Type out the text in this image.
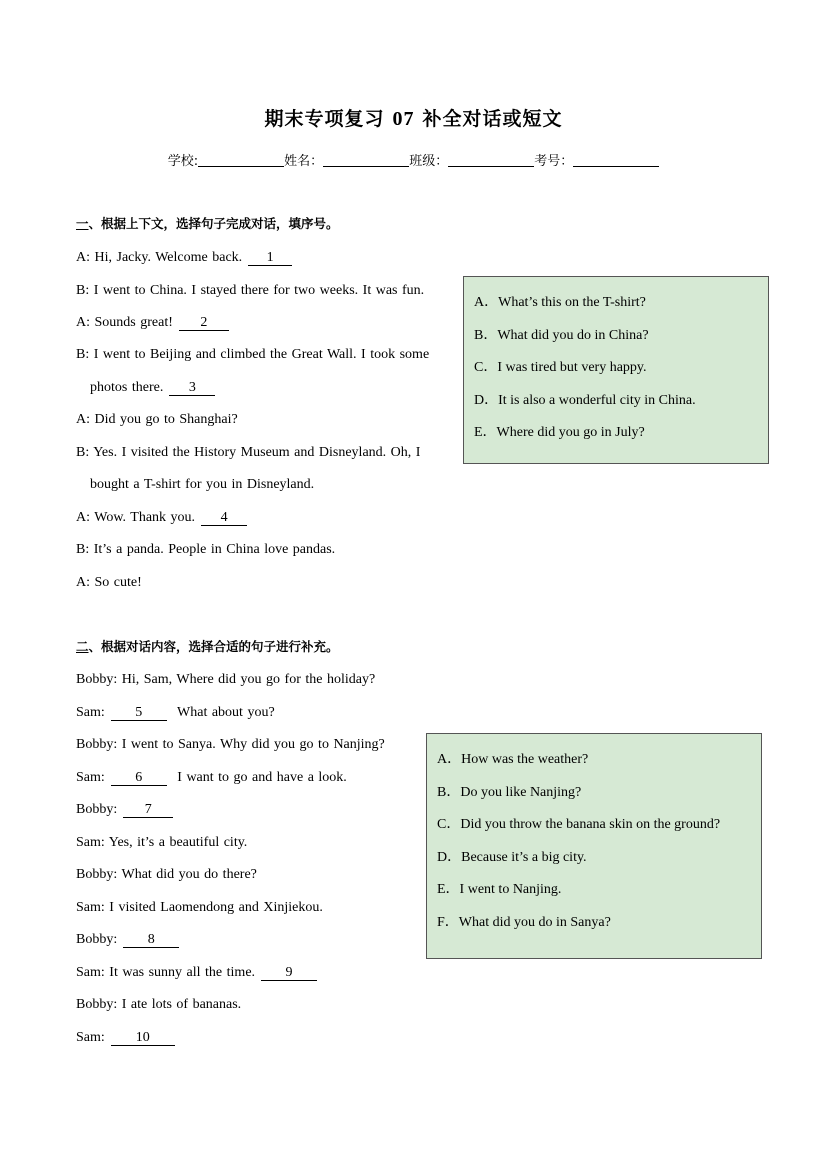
期末专项复习 07 补全对话或短文
学校:	姓名：	班级：	考号：
一、根据上下文，选择句子完成对话，填序号。
A: Hi, Jacky. Welcome back. 1
B: I went to China. I stayed there for two weeks. It was fun.
A: Sounds great! 2
B: I went to Beijing and climbed the Great Wall. I took some
photos there. 3
A: Did you go to Shanghai?
B: Yes. I visited the History Museum and Disneyland. Oh, I
bought a T-shirt for you in Disneyland.
A: Wow. Thank you. 4
B: It’s a panda. People in China love pandas.
A: So cute!
A．What’s this on the T-shirt?
B．What did you do in China?
C．I was tired but very happy.
D．It is also a wonderful city in China.
E．Where did you go in July?
二、根据对话内容，选择合适的句子进行补充。
Bobby: Hi, Sam, Where did you go for the holiday?
Sam: 5 What about you?
Bobby: I went to Sanya. Why did you go to Nanjing?
Sam: 6 I want to go and have a look.
Bobby: 7
Sam: Yes, it’s a beautiful city.
Bobby: What did you do there?
Sam: I visited Laomendong and Xinjiekou.
Bobby: 8
Sam: It was sunny all the time. 9
Bobby: I ate lots of bananas.
Sam: 10
A．How was the weather?
B．Do you like Nanjing?
C．Did you throw the banana skin on the ground?
D．Because it’s a big city.
E．I went to Nanjing.
F．What did you do in Sanya?
